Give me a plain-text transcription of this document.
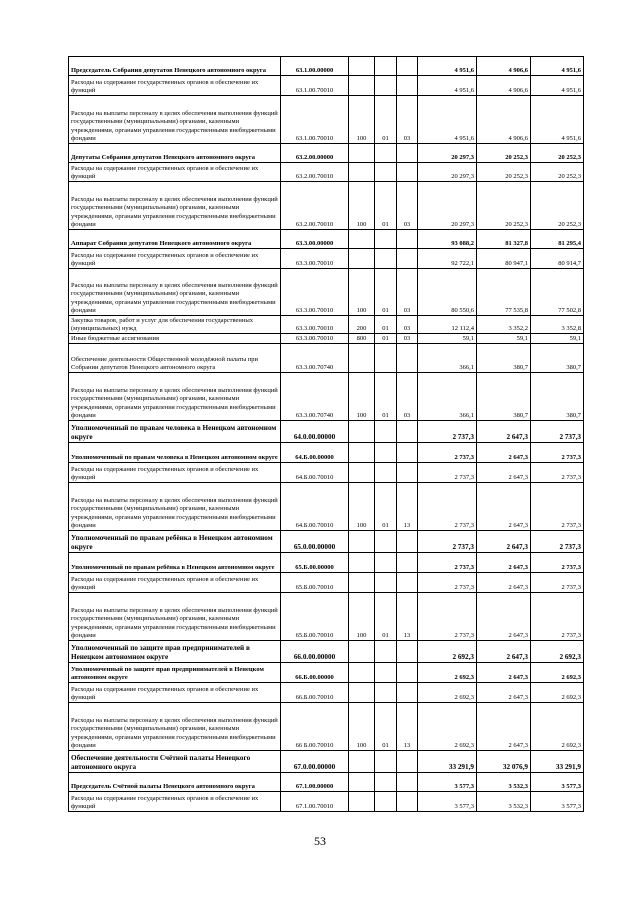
Председатель Собрания депутатов Ненецкого автономного округа	63.1.00.00000				4 951,6	4 906,6	4 951,6
Расходы на содержание государственных органов и обеспечение их функций	63.1.00.70010				4 951,6	4 906,6	4 951,6
Расходы на выплаты персоналу в целях обеспечения выполнения функций государственными (муниципальными) органами, казенными учреждениями, органами управления государственными внебюджетными фондами	63.1.00.70010	100	01	03	4 951,6	4 906,6	4 951,6
Депутаты Собрания депутатов Ненецкого автономного округа	63.2.00.00000				20 297,3	20 252,3	20 252,3
Расходы на содержание государственных органов и обеспечение их функций	63.2.00.70010				20 297,3	20 252,3	20 252,3
Расходы на выплаты персоналу в целях обеспечения выполнения функций государственными (муниципальными) органами, казенными учреждениями, органами управления государственными внебюджетными фондами	63.2.00.70010	100	01	03	20 297,3	20 252,3	20 252,3
Аппарат Собрания депутатов Ненецкого автономного округа	63.3.00.00000				93 088,2	81 327,8	81 295,4
Расходы на содержание государственных органов и обеспечение их функций	63.3.00.70010				92 722,1	80 947,1	80 914,7
Расходы на выплаты персоналу в целях обеспечения выполнения функций государственными (муниципальными) органами, казенными учреждениями, органами управления государственными внебюджетными фондами	63.3.00.70010	100	01	03	80 550,6	77 535,8	77 502,8
Закупка товаров, работ и услуг для обеспечения государственных (муниципальных) нужд	63.3.00.70010	200	01	03	12 112,4	3 352,2	3 352,8
Иные бюджетные ассигнования	63.3.00.70010	800	01	03	59,1	59,1	59,1
Обеспечение деятельности Общественной молодёжной палаты при Собрании депутатов Ненецкого автономного округа	63.3.00.70740				366,1	380,7	380,7
Расходы на выплаты персоналу в целях обеспечения выполнения функций государственными (муниципальными) органами, казенными учреждениями, органами управления государственными внебюджетными фондами	63.3.00.70740	100	01	03	366,1	380,7	380,7
Уполномоченный по правам человека в Ненецком автономном округе	64.0.00.00000				2 737,3	2 647,3	2 737,3
Уполномоченный по правам человека в Ненецком автономном округе	64.Б.00.00000				2 737,3	2 647,3	2 737,3
Расходы на содержание государственных органов и обеспечение их функций	64.Б.00.70010				2 737,3	2 647,3	2 737,3
Расходы на выплаты персоналу в целях обеспечения выполнения функций государственными (муниципальными) органами, казенными учреждениями, органами управления государственными внебюджетными фондами	64.Б.00.70010	100	01	13	2 737,3	2 647,3	2 737,3
Уполномоченный по правам ребёнка в Ненецком автономном округе	65.0.00.00000				2 737,3	2 647,3	2 737,3
Уполномоченный по правам ребёнка в Ненецком автономном округе	65.Б.00.00000				2 737,3	2 647,3	2 737,3
Расходы на содержание государственных органов и обеспечение их функций	65.Б.00.70010				2 737,3	2 647,3	2 737,3
Расходы на выплаты персоналу в целях обеспечения выполнения функций государственными (муниципальными) органами, казенными учреждениями, органами управления государственными внебюджетными фондами	65.Б.00.70010	100	01	13	2 737,3	2 647,3	2 737,3
Уполномоченный по защите прав предпринимателей в Ненецком автономном округе	66.0.00.00000				2 692,3	2 647,3	2 692,3
Уполномоченный по защите прав предпринимателей в Ненецком автономном округе	66.Б.00.00000				2 692,3	2 647,3	2 692,3
Расходы на содержание государственных органов и обеспечение их функций	66.Б.00.70010				2 692,3	2 647,3	2 692,3
Расходы на выплаты персоналу в целях обеспечения выполнения функций государственными (муниципальными) органами, казенными учреждениями, органами управления государственными внебюджетными фондами	66 Б.00.70010	100	01	13	2 692,3	2 647,3	2 692,3
Обеспечение деятельности Счётной палаты Ненецкого автономного округа	67.0.00.00000				33 291,9	32 076,9	33 291,9
Председатель Счётной палаты Ненецкого автономного округа	67.1.00.00000				3 577,3	3 532,3	3 577,3
Расходы на содержание государственных органов и обеспечение их функций	67.1.00.70010				3 577,3	3 532,3	3 577,3
53
